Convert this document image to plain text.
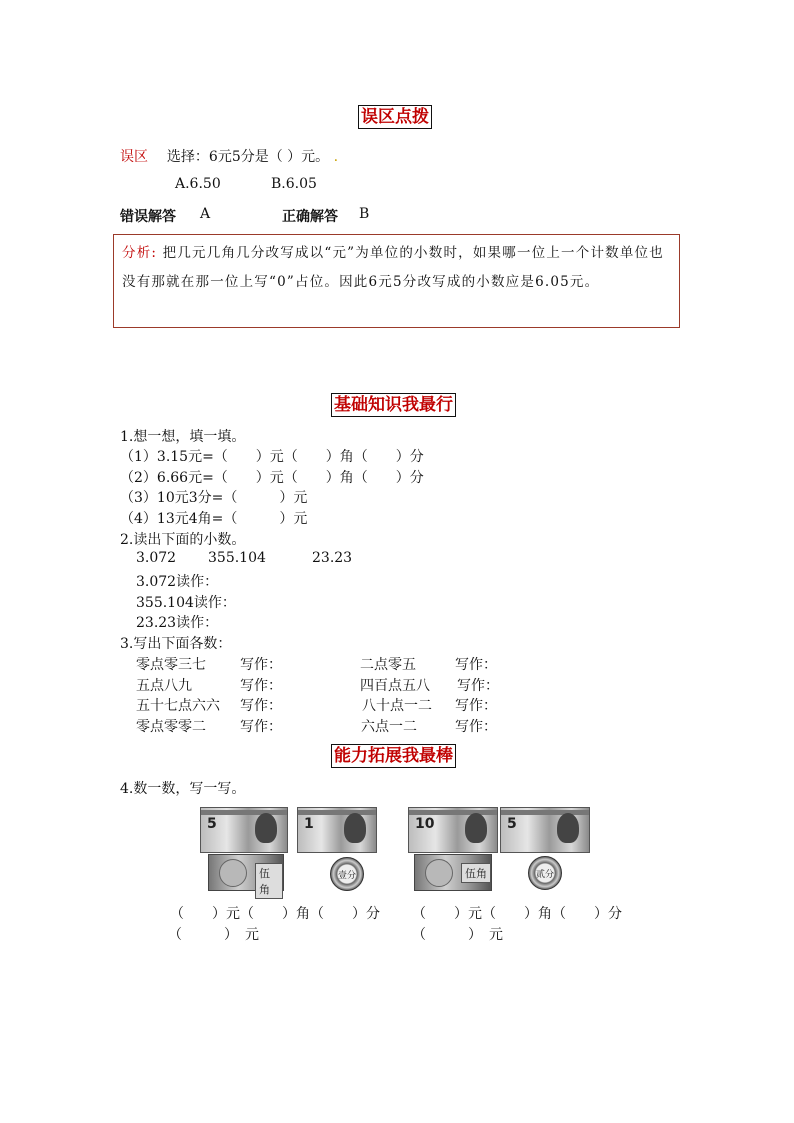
误区点拨
误区 选择：6元5分是（ ）元。 .
A.6.50	B.6.05
错误解答 A	正确解答 B
分析: 把几元几角几分改写成以“元”为单位的小数时，如果哪一位上一个计数单位也没有那就在那一位上写“0”占位。因此6元5分改写成的小数应是6.05元。
基础知识我最行
1.想一想，填一填。
（1）3.15元=（　　）元（　　）角（　　）分
（2）6.66元=（　　）元（　　）角（　　）分
（3）10元3分=（　　　）元
（4）13元4角=（　　　）元
2.读出下面的小数。
3.072 355.104	23.23
3.072读作：
355.104读作：
23.23读作：
3.写出下面各数：
零点零三七 写作：	二点零五	写作：
五点八九	写作：	四百点五八 写作：
五十七点六六 写作：	八十点一二 写作：
零点零零二 写作：	六点一二	写作：
能力拓展我最棒
4.数一数，写一写。
5	1
伍角
壹分
10	5
伍角	贰分
（　　）元（　　）角（　　）分
（　　　）　元
（　　）元（　　）角（　　）分
（　　　）　元
